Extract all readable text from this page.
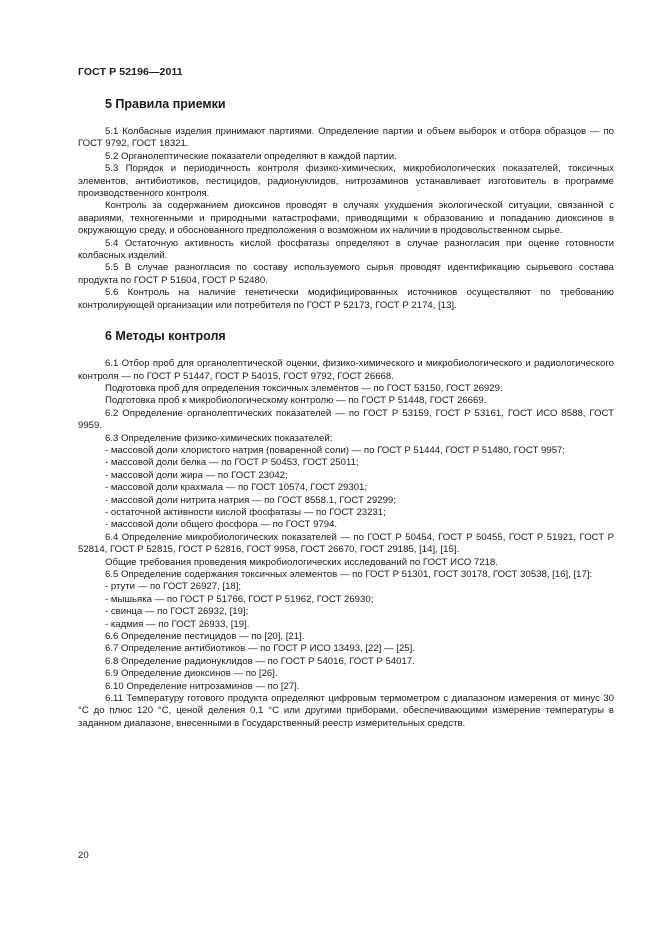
ГОСТ Р 52196—2011
5 Правила приемки

5.1 Колбасные изделия принимают партиями. Определение партии и объем выборок и отбора образцов — по ГОСТ 9792, ГОСТ 18321.

5.2 Органолептические показатели определяют в каждой партии.

5.3 Порядок и периодичность контроля физико-химических, микробиологических показателей, токсичных элементов, антибиотиков, пестицидов, радионуклидов, нитрозаминов устанавливает изготовитель в программе производственного контроля.

Контроль за содержанием диоксинов проводят в случаях ухудшения экологической ситуации, связанной с авариями, техногенными и природными катастрофами, приводящими к образованию и попаданию диоксинов в окружающую среду, и обоснованного предположения о возможном их наличии в продовольственном сырье.

5.4 Остаточную активность кислой фосфатазы определяют в случае разногласия при оценке готовности колбасных изделий.

5.5 В случае разногласия по составу используемого сырья проводят идентификацию сырьевого состава продукта по ГОСТ Р 51604, ГОСТ Р 52480.

5.6 Контроль на наличие генетически модифицированных источников осуществляют по требованию контролирующей организации или потребителя по ГОСТ Р 52173, ГОСТ Р 2174, [13].

6 Методы контроля

6.1 Отбор проб для органолептической оценки, физико-химического и микробиологического и радиологического контроля — по ГОСТ Р 51447, ГОСТ Р 54015, ГОСТ 9792, ГОСТ 26668.

Подготовка проб для определения токсичных элементов — по ГОСТ 53150, ГОСТ 26929.

Подготовка проб к микробиологическому контролю — по ГОСТ Р 51448, ГОСТ 26669.

6.2 Определение органолептических показателей — по ГОСТ Р 53159, ГОСТ Р 53161, ГОСТ ИСО 8588, ГОСТ 9959.

6.3 Определение физико-химических показателей:

- массовой доли хлористого натрия (поваренной соли) — по ГОСТ Р 51444, ГОСТ Р 51480, ГОСТ 9957;

- массовой доли белка — по ГОСТ Р 50453, ГОСТ 25011;

- массовой доли жира — по ГОСТ 23042;

- массовой доли крахмала — по ГОСТ 10574, ГОСТ 29301;

- массовой доли нитрита натрия — по ГОСТ 8558.1, ГОСТ 29299;

- остаточной активности кислой фосфатазы — по ГОСТ 23231;

- массовой доли общего фосфора — по ГОСТ 9794.

6.4 Определение микробиологических показателей — по ГОСТ Р 50454, ГОСТ Р 50455, ГОСТ Р 51921, ГОСТ Р 52814, ГОСТ Р 52815, ГОСТ Р 52816, ГОСТ 9958, ГОСТ 26670, ГОСТ 29185, [14], [15].

Общие требования проведения микробиологических исследований по ГОСТ ИСО 7218.

6.5 Определение содержания токсичных элементов — по ГОСТ Р 51301, ГОСТ 30178, ГОСТ 30538, [16], [17]:

- ртути — по ГОСТ 26927, [18];

- мышьяка — по ГОСТ Р 51766, ГОСТ Р 51962, ГОСТ 26930;

- свинца — по ГОСТ 26932, [19];

- кадмия — по ГОСТ 26933, [19].

6.6 Определение пестицидов — по [20], [21].

6.7 Определение антибиотиков — по ГОСТ Р ИСО 13493, [22] — [25].

6.8 Определение радионуклидов — по ГОСТ Р 54016, ГОСТ Р 54017.

6.9 Определение диоксинов — по [26].

6.10 Определение нитрозаминов — по [27].

6.11 Температуру готового продукта определяют цифровым термометром с диапазоном измерения от минус 30 °С до плюс 120 °С, ценой деления 0,1 °С или другими приборами, обеспечивающими измерение температуры в заданном диапазоне, внесенными в Государственный реестр измерительных средств.

20
